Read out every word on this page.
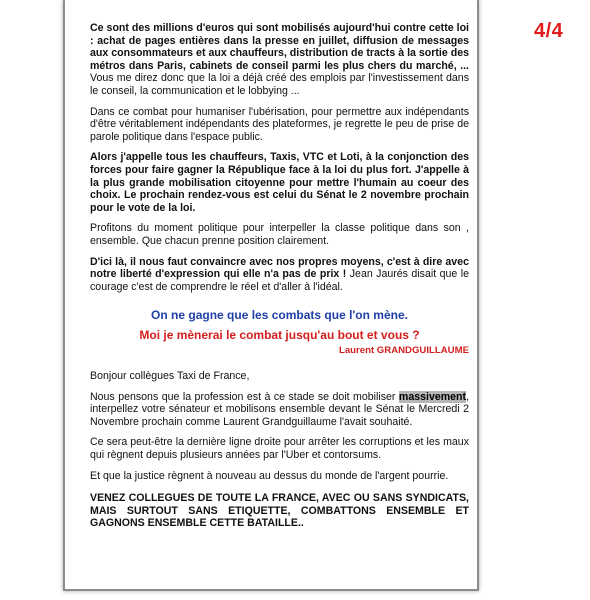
Ce sont des millions d'euros qui sont mobilisés aujourd'hui contre cette loi : achat de pages entières dans la presse en juillet, diffusion de messages aux consommateurs et aux chauffeurs, distribution de tracts à la sortie des métros dans Paris, cabinets de conseil parmi les plus chers du marché, ... Vous me direz donc que la loi a déjà créé des emplois par l'investissement dans le conseil, la communication et le lobbying ...

Dans ce combat pour humaniser l'ubérisation, pour permettre aux indépendants d'être véritablement indépendants des plateformes, je regrette le peu de prise de parole politique dans l'espace public.

Alors j'appelle tous les chauffeurs, Taxis, VTC et Loti, à la conjonction des forces pour faire gagner la République face à la loi du plus fort. J'appelle à la plus grande mobilisation citoyenne pour mettre l'humain au coeur des choix. Le prochain rendez-vous est celui du Sénat le 2 novembre prochain pour le vote de la loi.

Profitons du moment politique pour interpeller la classe politique dans son , ensemble. Que chacun prenne position clairement.

D'ici là, il nous faut convaincre avec nos propres moyens, c'est à dire avec notre liberté d'expression qui elle n'a pas de prix ! Jean Jaurés disait que le courage c'est de comprendre le réel et d'aller à l'idéal.

On ne gagne que les combats que l'on mène.
Moi je mènerai le combat jusqu'au bout et vous ?
Laurent GRANDGUILLAUME

Bonjour collègues Taxi de France,

Nous pensons que la profession est à ce stade se doit mobiliser massivement, interpellez votre sénateur et mobilisons ensemble devant le Sénat le Mercredi 2 Novembre prochain comme Laurent Grandguillaume l'avait souhaité.

Ce sera peut-être la dernière ligne droite pour arrêter les corruptions et les maux qui règnent depuis plusieurs années par l'Uber et contorsums.

Et que la justice règnent à nouveau au dessus du monde de l'argent pourrie.

VENEZ COLLEGUES DE TOUTE LA FRANCE, AVEC OU SANS SYNDICATS, MAIS SURTOUT SANS ETIQUETTE, COMBATTONS ENSEMBLE ET GAGNONS ENSEMBLE CETTE BATAILLE..

4/4
